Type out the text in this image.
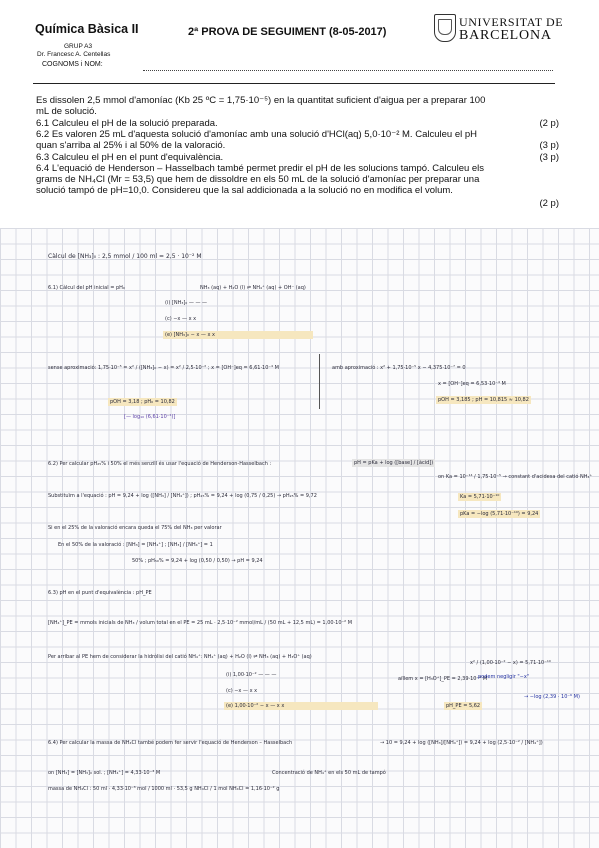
Química Bàsica II	2ª PROVA DE SEGUIMENT (8-05-2017)
GRUP A3
Dr. Francesc A. Centellas
COGNOMS i NOM:
UNIVERSITAT DE
BARCELONA
Es dissolen 2,5 mmol d'amoníac (Kb 25 ºC = 1,75·10⁻⁵) en la quantitat suficient d'aigua per a preparar 100
mL de solució.
6.1 Calculeu el pH de la solució preparada.	(2 p)
6.2 Es valoren 25 mL d'aquesta solució d'amoníac amb una solució d'HCl(aq) 5,0·10⁻² M. Calculeu el pH
quan s'arriba al 25% i al 50% de la valoració.	(3 p)
6.3 Calculeu el pH en el punt d'equivalència.	(3 p)
6.4 L'equació de Henderson – Hasselbach també permet predir el pH de les solucions tampó. Calculeu els
grams de NH₄Cl (Mr = 53,5) que hem de dissoldre en els 50 mL de la solució d'amoníac per preparar una
solució tampó de pH=10,0. Considereu que la sal addicionada a la solució no en modifica el volum.
(2 p)
Càlcul de [NH₃]₀ : 2,5 mmol / 100 ml = 2,5 · 10⁻² M
6.1) Càlcul del pH inicial = pH₀	NH₃ (aq) + H₂O (l) ⇌ NH₄⁺ (aq) + OH⁻ (aq)
(i) [NH₃]₀ — — —
(c) −x — x x
(e) [NH₃]₀ − x — x x
sense aproximació: 1,75·10⁻⁵ = x² / ([NH₃]₀ − x) = x² / 2,5·10⁻² ; x = [OH⁻]eq = 6,61·10⁻⁴ M
pOH = 3,18 ; pH₀ = 10,82
[— log₁₀ (6,61·10⁻⁴)]
amb aproximació : x² + 1,75·10⁻⁵ x − 4,375·10⁻⁷ = 0
x = [OH⁻]eq = 6,53·10⁻⁴ M
pOH = 3,185 ; pH = 10,815 ≈ 10,82
6.2) Per calcular pH₂₅% i 50% el més senzill és usar l'equació de Henderson-Hasselbach :	pH = pKa + log ([base] / [àcid])
on Ka = 10⁻¹⁴ / 1,75·10⁻⁵ → constant d'acidesa del catió NH₄⁺
Substituïm a l'equació : pH = 9,24 + log ([NH₃] / [NH₄⁺]) ; pH₂₅% = 9,24 + log (0,75 / 0,25) → pH₂₅% = 9,72	Ka = 5,71·10⁻¹⁰
pKa = −log (5,71·10⁻¹⁰) = 9,24
Si en el 25% de la valoració encara queda el 75% del NH₃ per valorar
En el 50% de la valoració : [NH₃] = [NH₄⁺] ; [NH₃] / [NH₄⁺] = 1
50% ; pH₅₀% = 9,24 + log (0,50 / 0,50) → pH = 9,24
6.3) pH en el punt d'equivalència : pH_PE
[NH₄⁺]_PE = mmols inicials de NH₃ / volum total en el PE = 25 mL · 2,5·10⁻² mmol/mL / (50 mL + 12,5 mL) = 1,00·10⁻² M
Per arribar al PE hem de considerar la hidròlisi del catió NH₄⁺: NH₄⁺ (aq) + H₂O (l) ⇌ NH₃ (aq) + H₃O⁺ (aq)
(i) 1,00·10⁻² — — —
(c) −x — x x
(e) 1,00·10⁻² − x — x x
x² / (1,00·10⁻² − x) = 5,71·10⁻¹⁰
aïllem x = [H₃O⁺]_PE = 2,39·10⁻⁶ M
podem negligir "−x"
pH_PE = 5,62
→ −log (2,39 · 10⁻⁶ M)
6.4) Per calcular la massa de NH₄Cl també podem fer servir l'equació de Henderson – Hasselbach	→ 10 = 9,24 + log ([NH₃]/[NH₄⁺]) = 9,24 + log (2,5·10⁻² / [NH₄⁺])
on [NH₃] = [NH₃]₀ sol. ; [NH₄⁺] = 4,33·10⁻³ M	Concentració de NH₄⁺ en els 50 mL de tampó
massa de NH₄Cl : 50 ml · 4,33·10⁻³ mol / 1000 ml · 53,5 g NH₄Cl / 1 mol NH₄Cl = 1,16·10⁻² g
